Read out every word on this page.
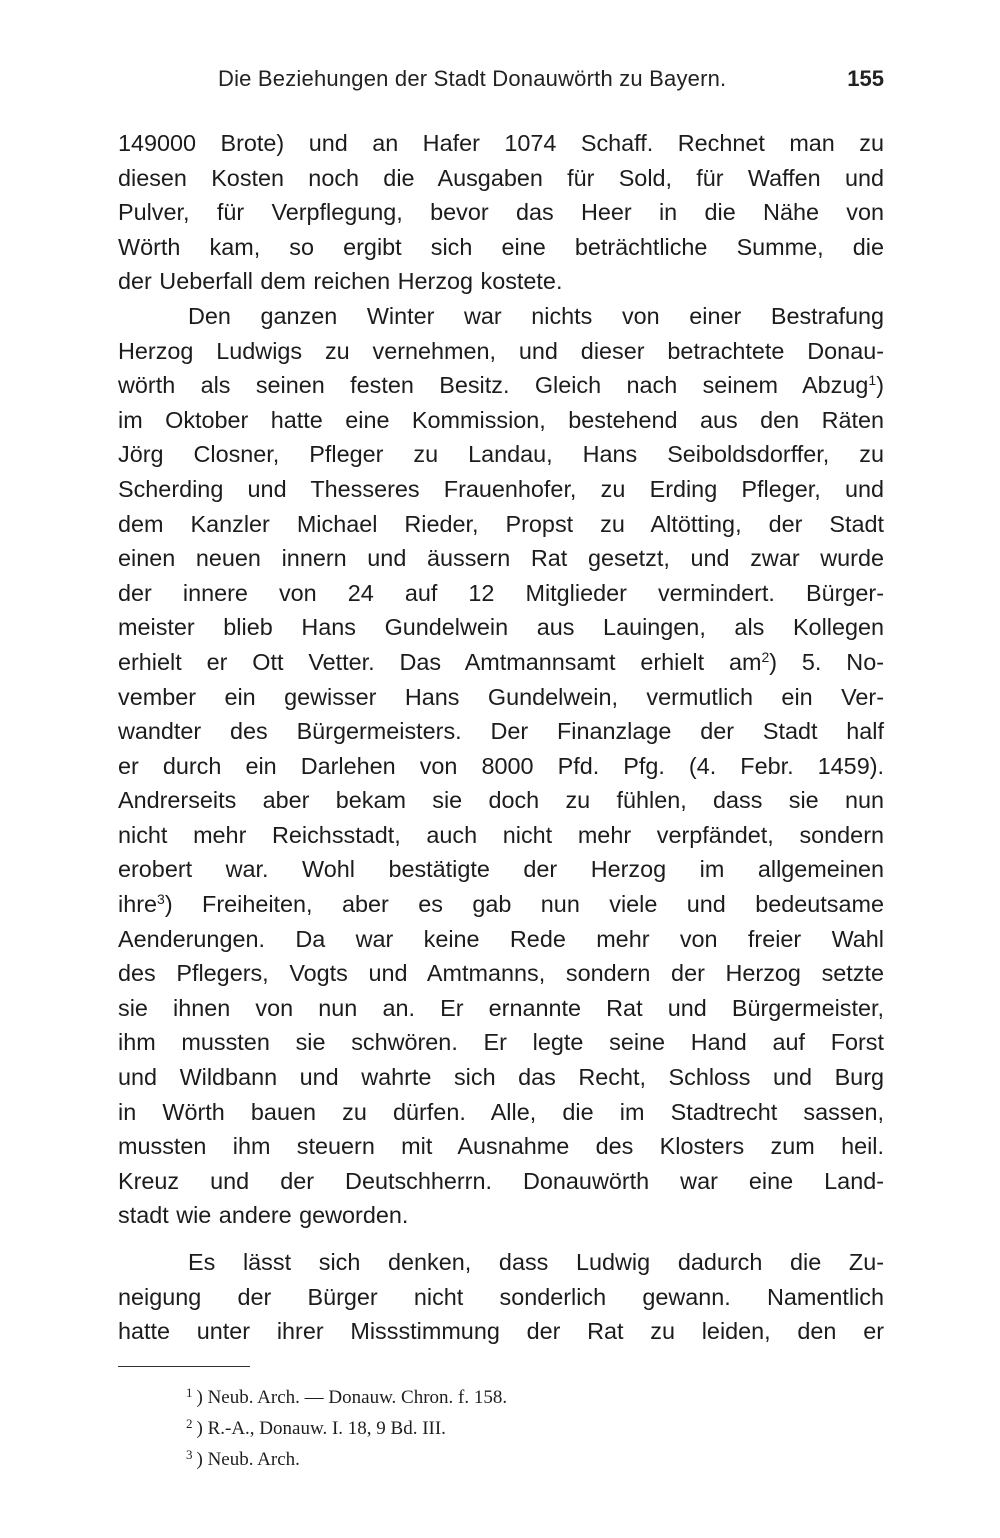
Die Beziehungen der Stadt Donauwörth zu Bayern.	155
149000 Brote) und an Hafer 1074 Schaff. Rechnet man zu
diesen Kosten noch die Ausgaben für Sold, für Waffen und
Pulver, für Verpflegung, bevor das Heer in die Nähe von
Wörth kam, so ergibt sich eine beträchtliche Summe, die
der Ueberfall dem reichen Herzog kostete.
Den ganzen Winter war nichts von einer Bestrafung
Herzog Ludwigs zu vernehmen, und dieser betrachtete Donau-
wörth als seinen festen Besitz. Gleich nach seinem Abzug$^1$)
im Oktober hatte eine Kommission, bestehend aus den Räten
Jörg Closner, Pfleger zu Landau, Hans Seiboldsdorffer, zu
Scherding und Thesseres Frauenhofer, zu Erding Pfleger, und
dem Kanzler Michael Rieder, Propst zu Altötting, der Stadt
einen neuen innern und äussern Rat gesetzt, und zwar wurde
der innere von 24 auf 12 Mitglieder vermindert. Bürger-
meister blieb Hans Gundelwein aus Lauingen, als Kollegen
erhielt er Ott Vetter. Das Amtmannsamt erhielt $am^2$) 5. No-
vember ein gewisser Hans Gundelwein, vermutlich ein Ver-
wandter des Bürgermeisters. Der Finanzlage der Stadt half
er durch ein Darlehen von 8000 Pfd. Pfg. (4. Febr. 1459).
Andrerseits aber bekam sie doch zu fühlen, dass sie nun
nicht mehr Reichsstadt, auch nicht mehr verpfändet, sondern
erobert war. Wohl bestätigte der Herzog im allgemeinen
ihre$^3$) Freiheiten, aber es gab nun viele und bedeutsame
Aenderungen. Da war keine Rede mehr von freier Wahl
des Pflegers, Vogts und Amtmanns, sondern der Herzog setzte
sie ihnen von nun an. Er ernannte Rat und Bürgermeister,
ihm mussten sie schwören. Er legte seine Hand auf Forst
und Wildbann und wahrte sich das Recht, Schloss und Burg
in Wörth bauen zu dürfen. Alle, die im Stadtrecht sassen,
mussten ihm steuern mit Ausnahme des Klosters zum heil.
Kreuz und der Deutschherrn. Donauwörth war eine Land-
stadt wie andere geworden.
Es lässt sich denken, dass Ludwig dadurch die Zu-
neigung der Bürger nicht sonderlich gewann. Namentlich
hatte unter ihrer Missstimmung der Rat zu leiden, den er
$^1$ ) Neub. Arch. — Donauw. Chron. f. 158.
$^2$ ) R.-A., Donauw. I. 18, 9 Bd. III.
$^3$ ) Neub. Arch.
